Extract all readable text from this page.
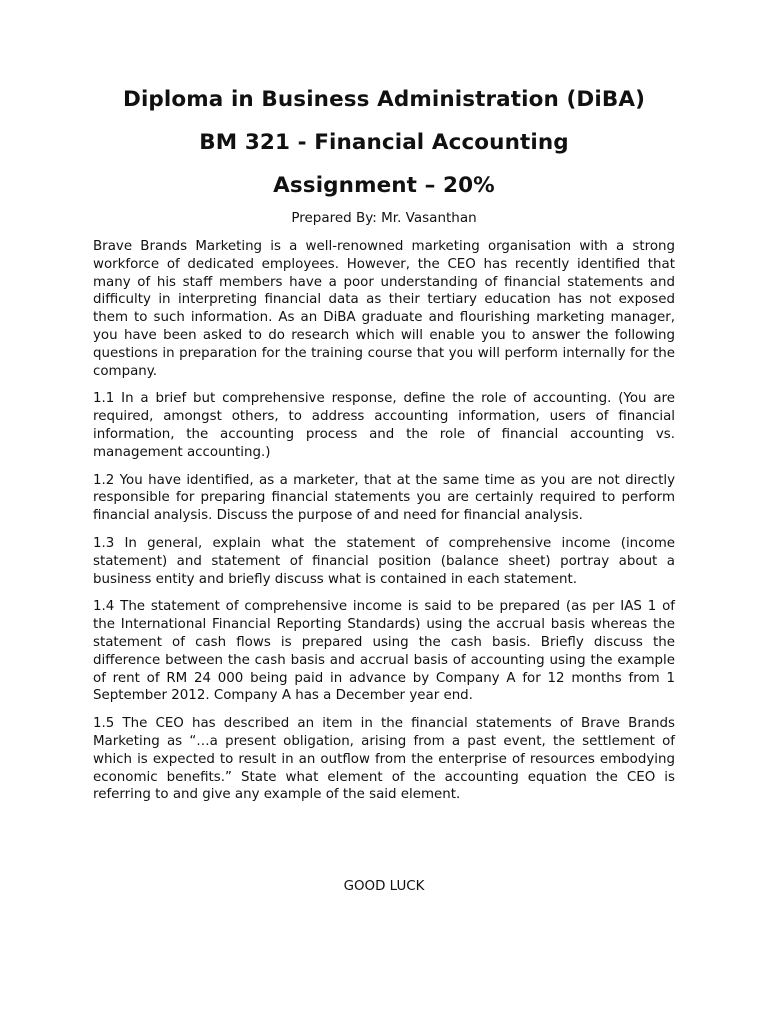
Diploma in Business Administration (DiBA)
BM 321 - Financial Accounting
Assignment – 20%

Prepared By: Mr. Vasanthan

Brave Brands Marketing is a well-renowned marketing organisation with a strong workforce of dedicated employees. However, the CEO has recently identified that many of his staff members have a poor understanding of financial statements and difficulty in interpreting financial data as their tertiary education has not exposed them to such information. As an DiBA graduate and flourishing marketing manager, you have been asked to do research which will enable you to answer the following questions in preparation for the training course that you will perform internally for the company.

1.1 In a brief but comprehensive response, define the role of accounting. (You are required, amongst others, to address accounting information, users of financial information, the accounting process and the role of financial accounting vs. management accounting.)

1.2 You have identified, as a marketer, that at the same time as you are not directly responsible for preparing financial statements you are certainly required to perform financial analysis. Discuss the purpose of and need for financial analysis.

1.3 In general, explain what the statement of comprehensive income (income statement) and statement of financial position (balance sheet) portray about a business entity and briefly discuss what is contained in each statement.

1.4 The statement of comprehensive income is said to be prepared (as per IAS 1 of the International Financial Reporting Standards) using the accrual basis whereas the statement of cash flows is prepared using the cash basis. Briefly discuss the difference between the cash basis and accrual basis of accounting using the example of rent of RM 24 000 being paid in advance by Company A for 12 months from 1 September 2012. Company A has a December year end.

1.5 The CEO has described an item in the financial statements of Brave Brands Marketing as “…a present obligation, arising from a past event, the settlement of which is expected to result in an outflow from the enterprise of resources embodying economic benefits.” State what element of the accounting equation the CEO is referring to and give any example of the said element.

GOOD LUCK
